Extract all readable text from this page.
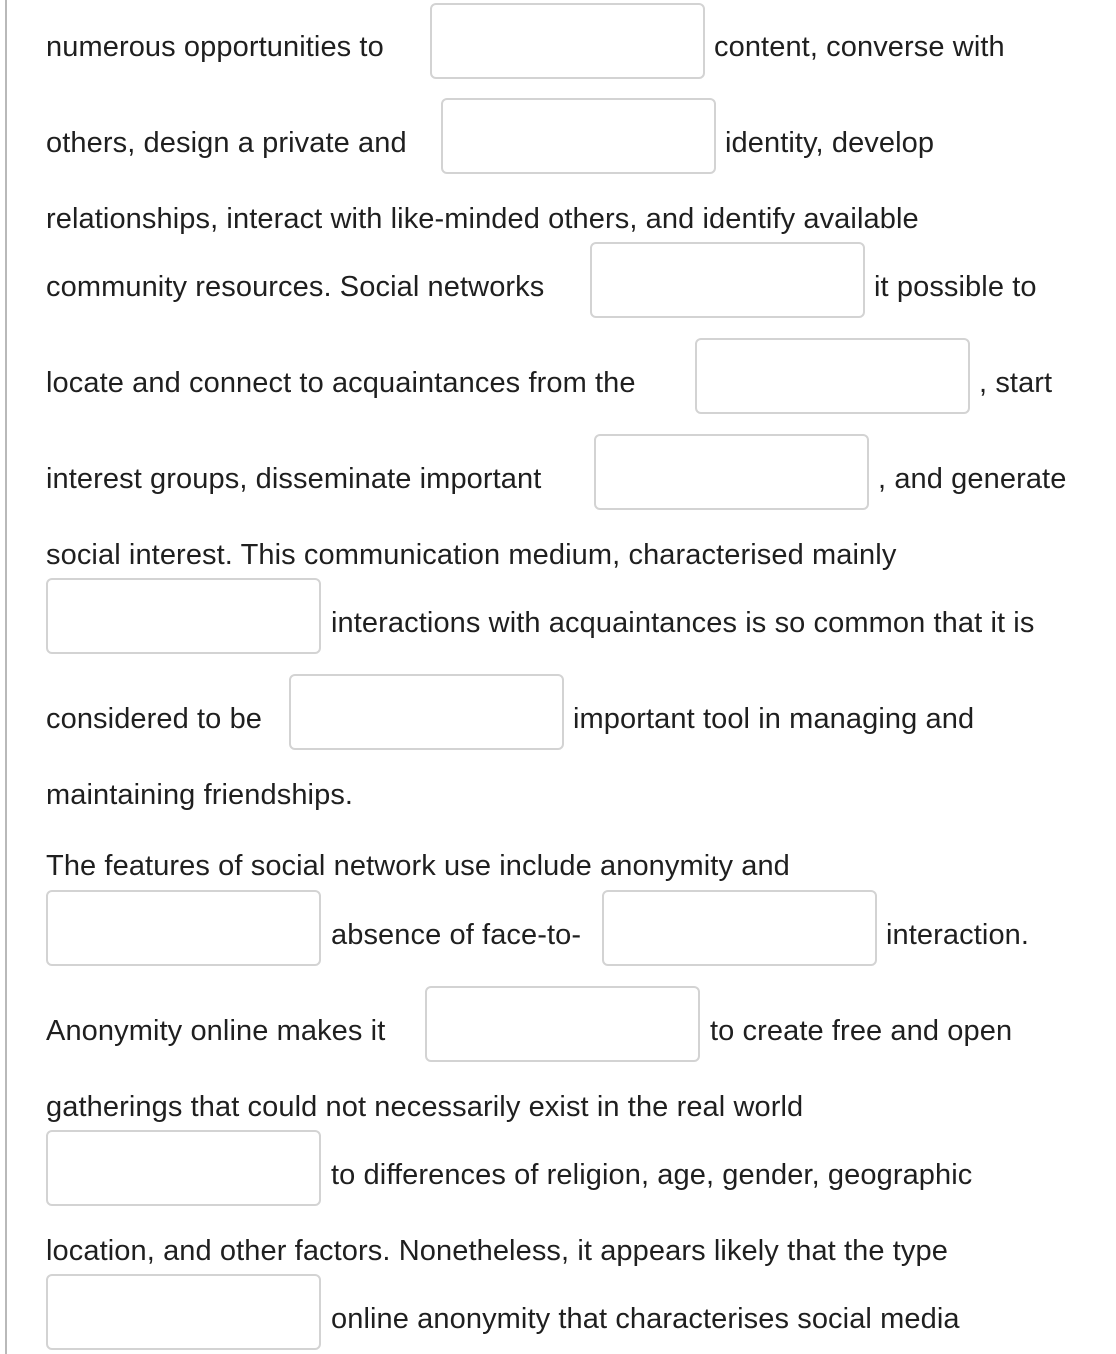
numerous opportunities to	content, converse with
others, design a private and	identity, develop
relationships, interact with like-minded others, and identify available
community resources. Social networks	it possible to
locate and connect to acquaintances from the	, start
interest groups, disseminate important	, and generate
social interest. This communication medium, characterised mainly
interactions with acquaintances is so common that it is
considered to be	important tool in managing and
maintaining friendships.
The features of social network use include anonymity and
absence of face-to-	interaction.
Anonymity online makes it	to create free and open
gatherings that could not necessarily exist in the real world
to differences of religion, age, gender, geographic
location, and other factors. Nonetheless, it appears likely that the type
online anonymity that characterises social media
